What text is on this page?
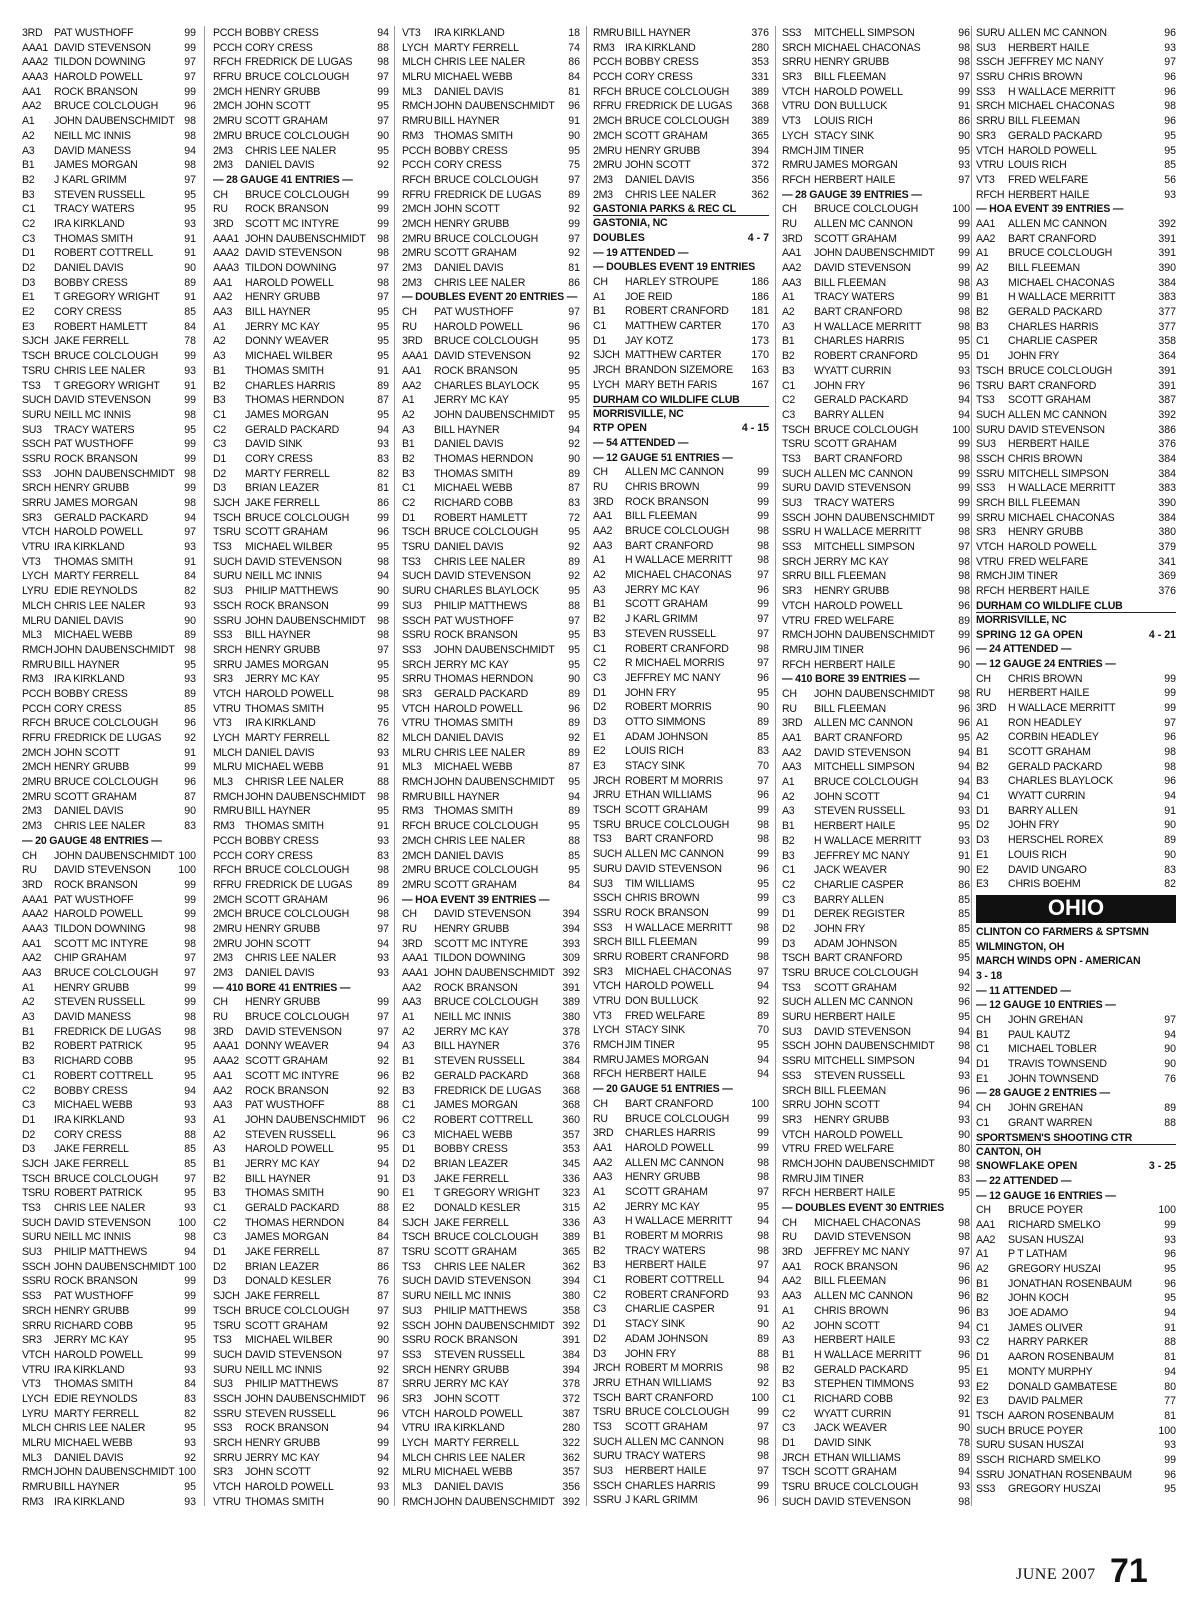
3RD	PAT WUSTHOFF	99
AAA1 DAVID STEVENSON	99
AAA2 TILDON DOWNING	97
AAA3 HAROLD POWELL	97
AA1	ROCK BRANSON	99
AA2	BRUCE COLCLOUGH	96
A1	JOHN DAUBENSCHMIDT 98
A2	NEILL MC INNIS	98
A3	DAVID MANESS	94
B1	JAMES MORGAN	98
B2	J KARL GRIMM	97
B3	STEVEN RUSSELL	95
C1	TRACY WATERS	95
C2	IRA KIRKLAND	93
C3	THOMAS SMITH	91
D1	ROBERT COTTRELL	91
D2	DANIEL DAVIS	90
D3	BOBBY CRESS	89
E1	T GREGORY WRIGHT	91
E2	CORY CRESS	85
E3	ROBERT HAMLETT	84
SJCH JAKE FERRELL	78
TSCH BRUCE COLCLOUGH	99
TSRU CHRIS LEE NALER	93
TS3	T GREGORY WRIGHT	91
SUCH DAVID STEVENSON	99
SURU NEILL MC INNIS	98
SU3	TRACY WATERS	95
SSCH PAT WUSTHOFF	99
SSRU ROCK BRANSON	99
SS3	JOHN DAUBENSCHMIDT 98
SRCH HENRY GRUBB	99
SRRU JAMES MORGAN	98
SR3	GERALD PACKARD	94
VTCH HAROLD POWELL	97
VTRU IRA KIRKLAND	93
VT3	THOMAS SMITH	91
LYCH MARTY FERRELL	84
LYRU EDIE REYNOLDS	82
MLCH CHRIS LEE NALER	93
MLRU DANIEL DAVIS	90
ML3	MICHAEL WEBB	89
RMCH JOHN DAUBENSCHMIDT 98
RMRU BILL HAYNER	95
RM3 IRA KIRKLAND	93
PCCH BOBBY CRESS	89
PCCH CORY CRESS	85
RFCH BRUCE COLCLOUGH	96
RFRU FREDRICK DE LUGAS	92
2MCH JOHN SCOTT	91
2MCH HENRY GRUBB	99
2MRU BRUCE COLCLOUGH	96
2MRU SCOTT GRAHAM	87
2M3	DANIEL DAVIS	90
2M3	CHRIS LEE NALER	83
— 20 GAUGE 48 ENTRIES —
CH	JOHN DAUBENSCHMIDT 100
RU	DAVID STEVENSON	100
3RD	ROCK BRANSON	99
AAA1 PAT WUSTHOFF	99
AAA2 HAROLD POWELL	99
AAA3 TILDON DOWNING	98
AA1	SCOTT MC INTYRE	98
AA2	CHIP GRAHAM	97
AA3	BRUCE COLCLOUGH	97
A1	HENRY GRUBB	99
A2	STEVEN RUSSELL	99
A3	DAVID MANESS	98
B1	FREDRICK DE LUGAS	98
B2	ROBERT PATRICK	95
B3	RICHARD COBB	95
C1	ROBERT COTTRELL	95
C2	BOBBY CRESS	94
C3	MICHAEL WEBB	93
D1	IRA KIRKLAND	93
D2	CORY CRESS	88
D3	JAKE FERRELL	85
SJCH JAKE FERRELL	85
TSCH BRUCE COLCLOUGH	97
TSRU ROBERT PATRICK	95
TS3	CHRIS LEE NALER	93
SUCH DAVID STEVENSON	100
SURU NEILL MC INNIS	98
SU3	PHILIP MATTHEWS	94
SSCH JOHN DAUBENSCHMIDT 100
SSRU ROCK BRANSON	99
SS3	PAT WUSTHOFF	99
SRCH HENRY GRUBB	99
SRRU RICHARD COBB	95
SR3	JERRY MC KAY	95
VTCH HAROLD POWELL	99
VTRU IRA KIRKLAND	93
VT3	THOMAS SMITH	84
LYCH EDIE REYNOLDS	83
LYRU MARTY FERRELL	82
MLCH CHRIS LEE NALER	95
MLRU MICHAEL WEBB	93
ML3	DANIEL DAVIS	92
RMCH JOHN DAUBENSCHMIDT 100
RMRU BILL HAYNER	95
RM3 IRA KIRKLAND	93
PCCH BOBBY CRESS	94
PCCH CORY CRESS	88
RFCH FREDRICK DE LUGAS	98
RFRU BRUCE COLCLOUGH	97
2MCH HENRY GRUBB	99
2MCH JOHN SCOTT	95
2MRU SCOTT GRAHAM	97
2MRU BRUCE COLCLOUGH	90
2M3	CHRIS LEE NALER	95
2M3	DANIEL DAVIS	92
— 28 GAUGE 41 ENTRIES —
CH	BRUCE COLCLOUGH	99
RU	ROCK BRANSON	99
3RD	SCOTT MC INTYRE	99
AAA1 JOHN DAUBENSCHMIDT	98
AAA2 DAVID STEVENSON	98
AAA3 TILDON DOWNING	97
AA1	HAROLD POWELL	98
AA2	HENRY GRUBB	97
AA3	BILL HAYNER	95
A1	JERRY MC KAY	95
A2	DONNY WEAVER	95
A3	MICHAEL WILBER	95
B1	THOMAS SMITH	91
B2	CHARLES HARRIS	89
B3	THOMAS HERNDON	87
C1	JAMES MORGAN	95
C2	GERALD PACKARD	94
C3	DAVID SINK	93
D1	CORY CRESS	83
D2	MARTY FERRELL	82
D3	BRIAN LEAZER	81
SJCH JAKE FERRELL	86
TSCH BRUCE COLCLOUGH	99
TSRU SCOTT GRAHAM	96
TS3	MICHAEL WILBER	95
SUCH DAVID STEVENSON	98
SURU NEILL MC INNIS	94
SU3	PHILIP MATTHEWS	90
SSCH ROCK BRANSON	99
SSRU JOHN DAUBENSCHMIDT	98
SS3	BILL HAYNER	98
SRCH HENRY GRUBB	97
SRRU JAMES MORGAN	95
SR3	JERRY MC KAY	95
VTCH HAROLD POWELL	98
VTRU THOMAS SMITH	95
VT3	IRA KIRKLAND	76
LYCH MARTY FERRELL	82
MLCH DANIEL DAVIS	93
MLRU MICHAEL WEBB	91
ML3	CHRISR LEE NALER	88
RMCH JOHN DAUBENSCHMIDT	98
RMRU BILL HAYNER	95
RM3 THOMAS SMITH	91
PCCH BOBBY CRESS	93
PCCH CORY CRESS	83
RFCH BRUCE COLCLOUGH	98
RFRU FREDRICK DE LUGAS	89
2MCH SCOTT GRAHAM	96
2MCH BRUCE COLCLOUGH	98
2MRU HENRY GRUBB	97
2MRU JOHN SCOTT	94
2M3	CHRIS LEE NALER	93
2M3	DANIEL DAVIS	93
— 410 BORE 41 ENTRIES —
CH	HENRY GRUBB	99
RU	BRUCE COLCLOUGH	97
3RD	DAVID STEVENSON	97
AAA1 DONNY WEAVER	94
AAA2 SCOTT GRAHAM	92
AA1	SCOTT MC INTYRE	96
AA2	ROCK BRANSON	92
AA3	PAT WUSTHOFF	88
A1	JOHN DAUBENSCHMIDT	96
A2	STEVEN RUSSELL	96
A3	HAROLD POWELL	95
B1	JERRY MC KAY	94
B2	BILL HAYNER	91
B3	THOMAS SMITH	90
C1	GERALD PACKARD	88
C2	THOMAS HERNDON	84
C3	JAMES MORGAN	84
D1	JAKE FERRELL	87
D2	BRIAN LEAZER	86
D3	DONALD KESLER	76
SJCH JAKE FERRELL	87
TSCH BRUCE COLCLOUGH	97
TSRU SCOTT GRAHAM	92
TS3	MICHAEL WILBER	90
SUCH DAVID STEVENSON	97
SURU NEILL MC INNIS	92
SU3	PHILIP MATTHEWS	87
SSCH JOHN DAUBENSCHMIDT	96
SSRU STEVEN RUSSELL	96
SS3	ROCK BRANSON	94
SRCH HENRY GRUBB	99
SRRU JERRY MC KAY	94
SR3	JOHN SCOTT	92
VTCH HAROLD POWELL	93
VTRU THOMAS SMITH	90
VT3	IRA KIRKLAND	18
LYCH MARTY FERRELL	74
MLCH CHRIS LEE NALER	86
MLRU MICHAEL WEBB	84
ML3	DANIEL DAVIS	81
RMCH JOHN DAUBENSCHMIDT	96
RMRU BILL HAYNER	91
RM3 THOMAS SMITH	90
PCCH BOBBY CRESS	95
PCCH CORY CRESS	75
RFCH BRUCE COLCLOUGH	97
RFRU FREDRICK DE LUGAS	89
2MCH JOHN SCOTT	92
2MCH HENRY GRUBB	99
2MRU BRUCE COLCLOUGH	97
2MRU SCOTT GRAHAM	92
2M3	DANIEL DAVIS	81
2M3	CHRIS LEE NALER	86
— DOUBLES EVENT 20 ENTRIES —
CH	PAT WUSTHOFF	97
RU	HAROLD POWELL	96
3RD	BRUCE COLCLOUGH	95
AAA1 DAVID STEVENSON	92
AA1	ROCK BRANSON	95
AA2	CHARLES BLAYLOCK	95
A1	JERRY MC KAY	95
A2	JOHN DAUBENSCHMIDT	95
A3	BILL HAYNER	94
B1	DANIEL DAVIS	92
B2	THOMAS HERNDON	90
B3	THOMAS SMITH	89
C1	MICHAEL WEBB	87
C2	RICHARD COBB	83
D1	ROBERT HAMLETT	72
TSCH BRUCE COLCLOUGH	95
TSRU DANIEL DAVIS	92
TS3	CHRIS LEE NALER	89
SUCH DAVID STEVENSON	92
SURU CHARLES BLAYLOCK	95
SU3	PHILIP MATTHEWS	88
SSCH PAT WUSTHOFF	97
SSRU ROCK BRANSON	95
SS3	JOHN DAUBENSCHMIDT	95
SRCH JERRY MC KAY	95
SRRU THOMAS HERNDON	90
SR3	GERALD PACKARD	89
VTCH HAROLD POWELL	96
VTRU THOMAS SMITH	89
MLCH DANIEL DAVIS	92
MLRU CHRIS LEE NALER	89
ML3	MICHAEL WEBB	87
RMCH JOHN DAUBENSCHMIDT	95
RMRU BILL HAYNER	94
RM3 THOMAS SMITH	89
RFCH BRUCE COLCLOUGH	95
2MCH CHRIS LEE NALER	88
2MCH DANIEL DAVIS	85
2MRU BRUCE COLCLOUGH	95
2MRU SCOTT GRAHAM	84
— HOA EVENT 39 ENTRIES —
CH	DAVID STEVENSON	394
RU	HENRY GRUBB	394
3RD	SCOTT MC INTYRE	393
AAA1 TILDON DOWNING	309
AAA1 JOHN DAUBENSCHMIDT 392
AA2	ROCK BRANSON	391
AA3	BRUCE COLCLOUGH	389
A1	NEILL MC INNIS	380
A2	JERRY MC KAY	378
A3	BILL HAYNER	376
B1	STEVEN RUSSELL	384
B2	GERALD PACKARD	368
B3	FREDRICK DE LUGAS	368
C1	JAMES MORGAN	368
C2	ROBERT COTTRELL	360
C3	MICHAEL WEBB	357
D1	BOBBY CRESS	353
D2	BRIAN LEAZER	345
D3	JAKE FERRELL	336
E1	T GREGORY WRIGHT	323
E2	DONALD KESLER	315
SJCH JAKE FERRELL	336
TSCH BRUCE COLCLOUGH	389
TSRU SCOTT GRAHAM	365
TS3	CHRIS LEE NALER	362
SUCH DAVID STEVENSON	394
SURU NEILL MC INNIS	380
SU3	PHILIP MATTHEWS	358
SSCH JOHN DAUBENSCHMIDT 392
SSRU ROCK BRANSON	391
SS3	STEVEN RUSSELL	384
SRCH HENRY GRUBB	394
SRRU JERRY MC KAY	378
SR3	JOHN SCOTT	372
VTCH HAROLD POWELL	387
VTRU IRA KIRKLAND	280
LYCH MARTY FERRELL	322
MLCH CHRIS LEE NALER	362
MLRU MICHAEL WEBB	357
ML3	DANIEL DAVIS	356
RMCH JOHN DAUBENSCHMIDT 392
RMRU BILL HAYNER	376
RM3 IRA KIRKLAND	280
PCCH BOBBY CRESS	353
PCCH CORY CRESS	331
RFCH BRUCE COLCLOUGH	389
RFRU FREDRICK DE LUGAS	368
2MCH BRUCE COLCLOUGH	389
2MCH SCOTT GRAHAM	365
2MRU HENRY GRUBB	394
2MRU JOHN SCOTT	372
2M3	DANIEL DAVIS	356
2M3	CHRIS LEE NALER	362
GASTONIA PARKS & REC CL
GASTONIA, NC
DOUBLES	4 - 7
— 19 ATTENDED —
— DOUBLES EVENT 19 ENTRIES
CH	HARLEY STROUPE	186
A1	JOE REID	186
B1	ROBERT CRANFORD	181
C1	MATTHEW CARTER	170
D1	JAY KOTZ	173
SJCH MATTHEW CARTER	170
JRCH BRANDON SIZEMORE	163
LYCH MARY BETH FARIS	167
DURHAM CO WILDLIFE CLUB
MORRISVILLE, NC
RTP OPEN	4 - 15
— 54 ATTENDED —
— 12 GAUGE 51 ENTRIES —
CH	ALLEN MC CANNON	99
RU	CHRIS BROWN	99
3RD	ROCK BRANSON	99
AA1	BILL FLEEMAN	99
AA2	BRUCE COLCLOUGH	98
AA3	BART CRANFORD	98
A1	H WALLACE MERRITT	98
A2	MICHAEL CHACONAS	97
A3	JERRY MC KAY	96
B1	SCOTT GRAHAM	99
B2	J KARL GRIMM	97
B3	STEVEN RUSSELL	97
C1	ROBERT CRANFORD	98
C2	R MICHAEL MORRIS	97
C3	JEFFREY MC NANY	96
D1	JOHN FRY	95
D2	ROBERT MORRIS	90
D3	OTTO SIMMONS	89
E1	ADAM JOHNSON	85
E2	LOUIS RICH	83
E3	STACY SINK	70
JRCH ROBERT M MORRIS	97
JRRU ETHAN WILLIAMS	96
TSCH SCOTT GRAHAM	99
TSRU BRUCE COLCLOUGH	98
TS3	BART CRANFORD	98
SUCH ALLEN MC CANNON	99
SURU DAVID STEVENSON	96
SU3	TIM WILLIAMS	95
SSCH CHRIS BROWN	99
SSRU ROCK BRANSON	99
SS3	H WALLACE MERRITT	98
SRCH BILL FLEEMAN	99
SRRU ROBERT CRANFORD	98
SR3	MICHAEL CHACONAS	97
VTCH HAROLD POWELL	94
VTRU DON BULLUCK	92
VT3	FRED WELFARE	89
LYCH STACY SINK	70
RMCH JIM TINER	95
RMRU JAMES MORGAN	94
RFCH HERBERT HAILE	94
— 20 GAUGE 51 ENTRIES —
CH	BART CRANFORD	100
RU	BRUCE COLCLOUGH	99
3RD	CHARLES HARRIS	99
AA1	HAROLD POWELL	99
AA2	ALLEN MC CANNON	98
AA3	HENRY GRUBB	98
A1	SCOTT GRAHAM	97
A2	JERRY MC KAY	95
A3	H WALLACE MERRITT	94
B1	ROBERT M MORRIS	98
B2	TRACY WATERS	98
B3	HERBERT HAILE	97
C1	ROBERT COTTRELL	94
C2	ROBERT CRANFORD	93
C3	CHARLIE CASPER	91
D1	STACY SINK	90
D2	ADAM JOHNSON	89
D3	JOHN FRY	88
JRCH ROBERT M MORRIS	98
JRRU ETHAN WILLIAMS	92
TSCH BART CRANFORD	100
TSRU BRUCE COLCLOUGH	99
TS3	SCOTT GRAHAM	97
SUCH ALLEN MC CANNON	98
SURU TRACY WATERS	98
SU3	HERBERT HAILE	97
SSCH CHARLES HARRIS	99
SSRU J KARL GRIMM	96
SS3	MITCHELL SIMPSON	96
SRCH MICHAEL CHACONAS	98
SRRU HENRY GRUBB	98
SR3	BILL FLEEMAN	97
VTCH HAROLD POWELL	99
VTRU DON BULLUCK	91
VT3	LOUIS RICH	86
LYCH STACY SINK	90
RMCH JIM TINER	95
RMRU JAMES MORGAN	93
RFCH HERBERT HAILE	97
— 28 GAUGE 39 ENTRIES —
CH	BRUCE COLCLOUGH	100
RU	ALLEN MC CANNON	99
3RD	SCOTT GRAHAM	99
AA1	JOHN DAUBENSCHMIDT	99
AA2	DAVID STEVENSON	99
AA3	BILL FLEEMAN	98
A1	TRACY WATERS	99
A2	BART CRANFORD	98
A3	H WALLACE MERRITT	98
B1	CHARLES HARRIS	95
B2	ROBERT CRANFORD	95
B3	WYATT CURRIN	93
C1	JOHN FRY	96
C2	GERALD PACKARD	94
C3	BARRY ALLEN	94
TSCH BRUCE COLCLOUGH	100
TSRU SCOTT GRAHAM	99
TS3	BART CRANFORD	98
SUCH ALLEN MC CANNON	99
SURU DAVID STEVENSON	99
SU3	TRACY WATERS	99
SSCH JOHN DAUBENSCHMIDT	99
SSRU H WALLACE MERRITT	98
SS3	MITCHELL SIMPSON	97
SRCH JERRY MC KAY	98
SRRU BILL FLEEMAN	98
SR3	HENRY GRUBB	98
VTCH HAROLD POWELL	96
VTRU FRED WELFARE	89
RMCH JOHN DAUBENSCHMIDT	99
RMRU JIM TINER	96
RFCH HERBERT HAILE	90
— 410 BORE 39 ENTRIES —
CH	JOHN DAUBENSCHMIDT	98
RU	BILL FLEEMAN	96
3RD	ALLEN MC CANNON	96
AA1	BART CRANFORD	95
AA2	DAVID STEVENSON	94
AA3	MITCHELL SIMPSON	94
A1	BRUCE COLCLOUGH	94
A2	JOHN SCOTT	94
A3	STEVEN RUSSELL	93
B1	HERBERT HAILE	95
B2	H WALLACE MERRITT	93
B3	JEFFREY MC NANY	91
C1	JACK WEAVER	90
C2	CHARLIE CASPER	86
C3	BARRY ALLEN	85
D1	DEREK REGISTER	85
D2	JOHN FRY	85
D3	ADAM JOHNSON	85
TSCH BART CRANFORD	95
TSRU BRUCE COLCLOUGH	94
TS3	SCOTT GRAHAM	92
SUCH ALLEN MC CANNON	96
SURU HERBERT HAILE	95
SU3	DAVID STEVENSON	94
SSCH JOHN DAUBENSCHMIDT	98
SSRU MITCHELL SIMPSON	94
SS3	STEVEN RUSSELL	93
SRCH BILL FLEEMAN	96
SRRU JOHN SCOTT	94
SR3	HENRY GRUBB	93
VTCH HAROLD POWELL	90
VTRU FRED WELFARE	80
RMCH JOHN DAUBENSCHMIDT	98
RMRU JIM TINER	83
RFCH HERBERT HAILE	95
— DOUBLES EVENT 30 ENTRIES
CH	MICHAEL CHACONAS	98
RU	DAVID STEVENSON	98
3RD	JEFFREY MC NANY	97
AA1	ROCK BRANSON	96
AA2	BILL FLEEMAN	96
AA3	ALLEN MC CANNON	96
A1	CHRIS BROWN	96
A2	JOHN SCOTT	94
A3	HERBERT HAILE	93
B1	H WALLACE MERRITT	96
B2	GERALD PACKARD	95
B3	STEPHEN TIMMONS	93
C1	RICHARD COBB	92
C2	WYATT CURRIN	91
C3	JACK WEAVER	90
D1	DAVID SINK	78
JRCH ETHAN WILLIAMS	89
TSCH SCOTT GRAHAM	94
TSRU BRUCE COLCLOUGH	93
SUCH DAVID STEVENSON	98
SURU ALLEN MC CANNON	96
SU3	HERBERT HAILE	93
SSCH JEFFREY MC NANY	97
SSRU CHRIS BROWN	96
SS3	H WALLACE MERRITT	96
SRCH MICHAEL CHACONAS	98
SRRU BILL FLEEMAN	96
SR3	GERALD PACKARD	95
VTCH HAROLD POWELL	95
VTRU LOUIS RICH	85
VT3	FRED WELFARE	56
RFCH HERBERT HAILE	93
— HOA EVENT 39 ENTRIES —
AA1	ALLEN MC CANNON	392
AA2	BART CRANFORD	391
A1	BRUCE COLCLOUGH	391
A2	BILL FLEEMAN	390
A3	MICHAEL CHACONAS	384
B1	H WALLACE MERRITT	383
B2	GERALD PACKARD	377
B3	CHARLES HARRIS	377
C1	CHARLIE CASPER	358
D1	JOHN FRY	364
TSCH BRUCE COLCLOUGH	391
TSRU BART CRANFORD	391
TS3	SCOTT GRAHAM	387
SUCH ALLEN MC CANNON	392
SURU DAVID STEVENSON	386
SU3	HERBERT HAILE	376
SSCH CHRIS BROWN	384
SSRU MITCHELL SIMPSON	384
SS3	H WALLACE MERRITT	383
SRCH BILL FLEEMAN	390
SRRU MICHAEL CHACONAS	384
SR3	HENRY GRUBB	380
VTCH HAROLD POWELL	379
VTRU FRED WELFARE	341
RMCH JIM TINER	369
RFCH HERBERT HAILE	376
DURHAM CO WILDLIFE CLUB
MORRISVILLE, NC
SPRING 12 GA OPEN	4 - 21
— 24 ATTENDED —
— 12 GAUGE 24 ENTRIES —
CH	CHRIS BROWN	99
RU	HERBERT HAILE	99
3RD	H WALLACE MERRITT	99
A1	RON HEADLEY	97
A2	CORBIN HEADLEY	96
B1	SCOTT GRAHAM	98
B2	GERALD PACKARD	98
B3	CHARLES BLAYLOCK	96
C1	WYATT CURRIN	94
D1	BARRY ALLEN	91
D2	JOHN FRY	90
D3	HERSCHEL ROREX	89
E1	LOUIS RICH	90
E2	DAVID UNGARO	83
E3	CHRIS BOEHM	82
OHIO
CLINTON CO FARMERS & SPTSMN
WILMINGTON, OH
MARCH WINDS OPN - AMERICAN
3 - 18
— 11 ATTENDED —
— 12 GAUGE 10 ENTRIES —
CH	JOHN GREHAN	97
B1	PAUL KAUTZ	94
C1	MICHAEL TOBLER	90
D1	TRAVIS TOWNSEND	90
E1	JOHN TOWNSEND	76
— 28 GAUGE 2 ENTRIES —
CH	JOHN GREHAN	89
C1	GRANT WARREN	88
SPORTSMEN'S SHOOTING CTR
CANTON, OH
SNOWFLAKE OPEN	3 - 25
— 22 ATTENDED —
— 12 GAUGE 16 ENTRIES —
CH	BRUCE POYER	100
AA1	RICHARD SMELKO	99
AA2	SUSAN HUSZAI	93
A1	P T LATHAM	96
A2	GREGORY HUSZAI	95
B1	JONATHAN ROSENBAUM	96
B2	JOHN KOCH	95
B3	JOE ADAMO	94
C1	JAMES OLIVER	91
C2	HARRY PARKER	88
D1	AARON ROSENBAUM	81
E1	MONTY MURPHY	94
E2	DONALD GAMBATESE	80
E3	DAVID PALMER	77
TSCH AARON ROSENBAUM	81
SUCH BRUCE POYER	100
SURU SUSAN HUSZAI	93
SSCH RICHARD SMELKO	99
SSRU JONATHAN ROSENBAUM	96
SS3	GREGORY HUSZAI	95
JUNE 2007 71
